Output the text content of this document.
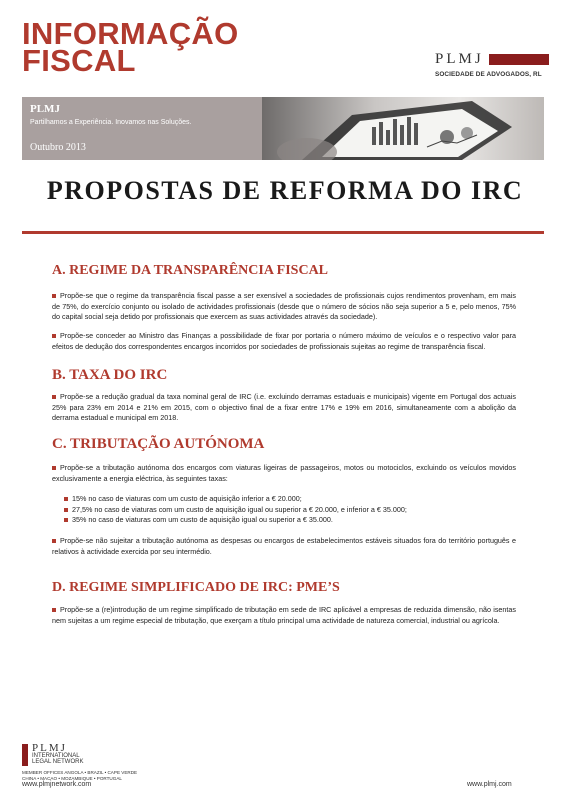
INFORMAÇÃO
FISCAL	PLMJ
SOCIEDADE DE ADVOGADOS, RL
PLMJ
Partilhamos a Experiência. Inovamos nas Soluções.
Outubro 2013
PROPOSTAS DE REFORMA DO IRC
A. REGIME DA TRANSPARÊNCIA FISCAL
Propõe-se que o regime da transparência fiscal passe a ser exensível a sociedades de profissionais cujos rendimentos provenham, em mais de 75%, do exercício conjunto ou isolado de actividades profissionais (desde que o número de sócios não seja superior a 5 e, pelo menos, 75% do capital social seja detido por profissionais que exercem as suas actividades através da sociedade).
Propõe-se conceder ao Ministro das Finanças a possibilidade de fixar por portaria o número máximo de veículos e o respectivo valor para efeitos de dedução dos correspondentes encargos incorridos por sociedades de profissionais sujeitas ao regime de transparência fiscal.
B. TAXA DO IRC
Propõe-se a redução gradual da taxa nominal geral de IRC (i.e. excluindo derramas estaduais e municipais) vigente em Portugal dos actuais 25% para 23% em 2014 e 21% em 2015, com o objectivo final de a fixar entre 17% e 19% em 2016, simultaneamente com a abolição da derrama estadual e municipal em 2018.
C. TRIBUTAÇÃO AUTÓNOMA
Propõe-se a tributação autónoma dos encargos com viaturas ligeiras de passageiros, motos ou motociclos, excluindo os veículos movidos exclusivamente a energia eléctrica, às seguintes taxas:
15% no caso de viaturas com um custo de aquisição inferior a € 20.000;
27,5% no caso de viaturas com um custo de aquisição igual ou superior a € 20.000, e inferior a € 35.000;
35% no caso de viaturas com um custo de aquisição igual ou superior a € 35.000.
Propõe-se não sujeitar a tributação autónoma as despesas ou encargos de estabelecimentos estáveis situados fora do território português e relativos à actividade exercida por seu intermédio.
D. REGIME SIMPLIFICADO DE IRC: PME’S
Propõe-se a (re)introdução de um regime simplificado de tributação em sede de IRC aplicável a empresas de reduzida dimensão, não isentas nem sujeitas a um regime especial de tributação, que exerçam a título principal uma actividade de natureza comercial, industrial ou agrícola.
PLMJ
INTERNATIONAL
LEGAL NETWORK
MEMBER OFFICES ANGOLA • BRAZIL • CAPE VERDE
CHINA • MACAO • MOZAMBIQUE • PORTUGAL
www.plmjnetwork.com	www.plmj.com
